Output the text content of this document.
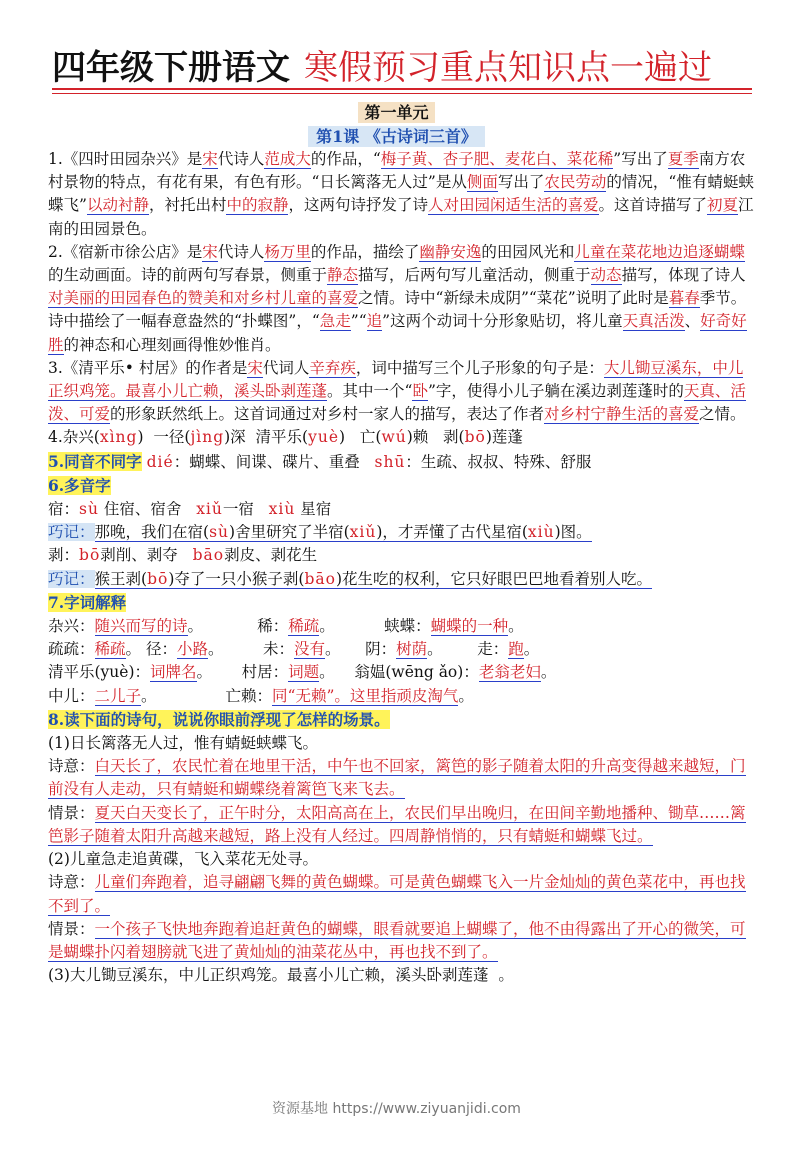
四年级下册语文 寒假预习重点知识点一遍过
第一单元
第1课 《古诗词三首》

1.《四时田园杂兴》是宋代诗人范成大的作品，“梅子黄、杏子肥、麦花白、菜花稀”写出了夏季南方农村景物的特点，有花有果，有色有形。“日长篱落无人过”是从侧面写出了农民劳动的情况，“惟有蜻蜓蛱蝶飞”以动衬静，衬托出村中的寂静，这两句诗抒发了诗人对田园闲适生活的喜爱。这首诗描写了初夏江南的田园景色。

2.《宿新市徐公店》是宋代诗人杨万里的作品，描绘了幽静安逸的田园风光和儿童在菜花地边追逐蝴蝶的生动画面。诗的前两句写春景，侧重于静态描写，后两句写儿童活动，侧重于动态描写，体现了诗人对美丽的田园春色的赞美和对乡村儿童的喜爱之情。诗中“新绿未成阴”“菜花”说明了此时是暮春季节。诗中描绘了一幅春意盎然的“扑蝶图”，“急走”“追”这两个动词十分形象贴切，将儿童天真活泼、好奇好胜的神态和心理刻画得惟妙惟肖。

3.《清平乐• 村居》的作者是宋代词人辛弃疾，词中描写三个儿子形象的句子是：大儿锄豆溪东，中儿正织鸡笼。最喜小儿亡赖，溪头卧剥莲蓬。其中一个“卧”字，使得小儿子躺在溪边剥莲蓬时的天真、活泼、可爱的形象跃然纸上。这首词通过对乡村一家人的描写，表达了作者对乡村宁静生活的喜爱之情。

4.杂兴(xìng) 一径(jìng)深 清平乐(yuè) 亡(wú)赖 剥(bō)莲蓬

5.同音不同字 dié：蝴蝶、间谍、碟片、重叠 shū：生疏、叔叔、特殊、舒服

6.多音字

宿：sù 住宿、宿舍 xiǔ一宿 xiù 星宿

巧记：那晚，我们在宿(sù)舍里研究了半宿(xiǔ)，才弄懂了古代星宿(xiù)图。

剥：bō剥削、剥夺 bāo剥皮、剥花生

巧记：猴王剥(bō)夺了一只小猴子剥(bāo)花生吃的权利，它只好眼巴巴地看着别人吃。

7.字词解释

杂兴：随兴而写的诗。	稀：稀疏。	蛱蝶：蝴蝶的一种。

疏疏：稀疏。 径：小路。	未：没有。 阴：树荫。 走：跑。

清平乐(yuè)：词牌名。 村居：词题。 翁媪(wēng ǎo)：老翁老妇。

中儿：二儿子。	亡赖：同“无赖”。这里指顽皮淘气。

8.读下面的诗句，说说你眼前浮现了怎样的场景。

(1)日长篱落无人过，惟有蜻蜓蛱蝶飞。

诗意：白天长了，农民忙着在地里干活，中午也不回家，篱笆的影子随着太阳的升高变得越来越短，门前没有人走动，只有蜻蜓和蝴蝶绕着篱笆飞来飞去。

情景：夏天白天变长了，正午时分，太阳高高在上，农民们早出晚归，在田间辛勤地播种、锄草……篱笆影子随着太阳升高越来越短，路上没有人经过。四周静悄悄的，只有蜻蜓和蝴蝶飞过。

(2)儿童急走追黄碟，飞入菜花无处寻。

诗意：儿童们奔跑着，追寻翩翩飞舞的黄色蝴蝶。可是黄色蝴蝶飞入一片金灿灿的黄色菜花中，再也找不到了。

情景：一个孩子飞快地奔跑着追赶黄色的蝴蝶，眼看就要追上蝴蝶了，他不由得露出了开心的微笑，可是蝴蝶扑闪着翅膀就飞进了黄灿灿的油菜花丛中，再也找不到了。

(3)大儿锄豆溪东，中儿正织鸡笼。最喜小儿亡赖，溪头卧剥莲蓬 。

资源基地 https://www.ziyuanjidi.com
